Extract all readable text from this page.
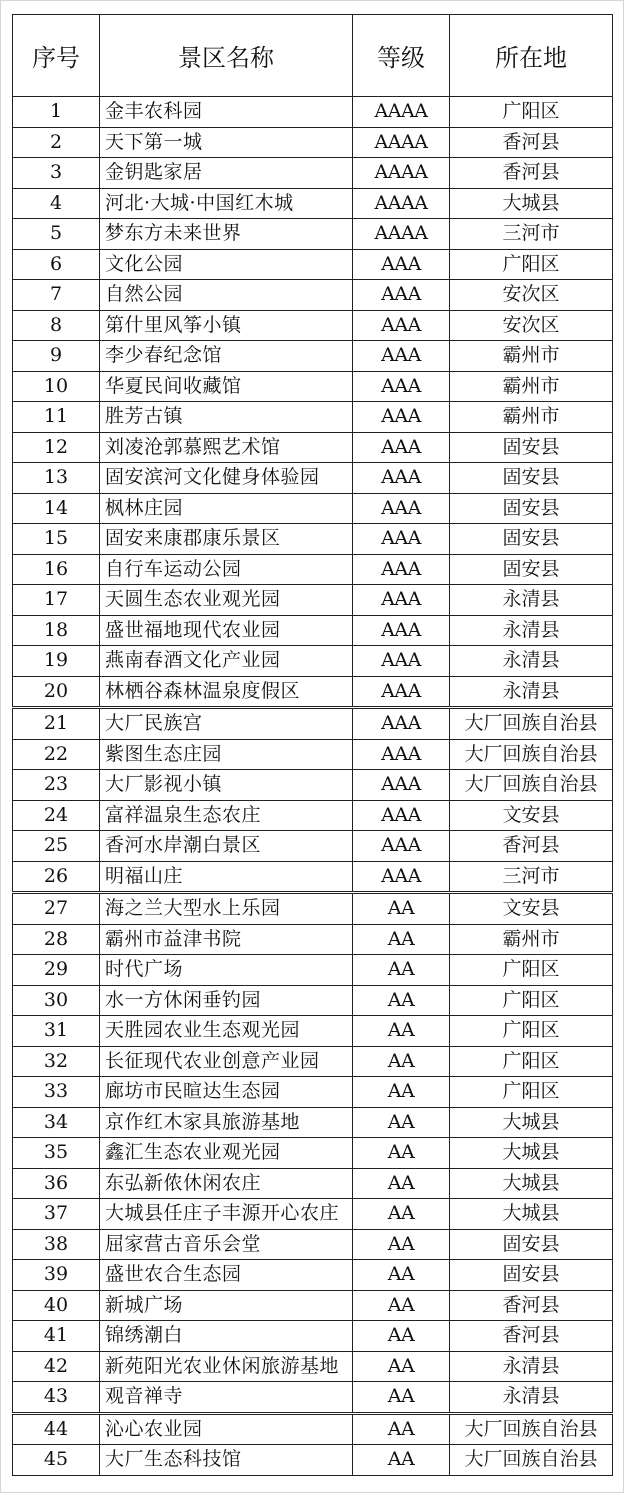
序号	景区名称	等级	所在地
1	金丰农科园	AAAA	广阳区
2	天下第一城	AAAA	香河县
3	金钥匙家居	AAAA	香河县
4	河北·大城·中国红木城	AAAA	大城县
5	梦东方未来世界	AAAA	三河市
6	文化公园	AAA	广阳区
7	自然公园	AAA	安次区
8	第什里风筝小镇	AAA	安次区
9	李少春纪念馆	AAA	霸州市
10	华夏民间收藏馆	AAA	霸州市
11	胜芳古镇	AAA	霸州市
12	刘凌沧郭慕熙艺术馆	AAA	固安县
13	固安滨河文化健身体验园	AAA	固安县
14	枫林庄园	AAA	固安县
15	固安来康郡康乐景区	AAA	固安县
16	自行车运动公园	AAA	固安县
17	天圆生态农业观光园	AAA	永清县
18	盛世福地现代农业园	AAA	永清县
19	燕南春酒文化产业园	AAA	永清县
20	林栖谷森林温泉度假区	AAA	永清县
21	大厂民族宫	AAA	大厂回族自治县
22	紫图生态庄园	AAA	大厂回族自治县
23	大厂影视小镇	AAA	大厂回族自治县
24	富祥温泉生态农庄	AAA	文安县
25	香河水岸潮白景区	AAA	香河县
26	明福山庄	AAA	三河市
27	海之兰大型水上乐园	AA	文安县
28	霸州市益津书院	AA	霸州市
29	时代广场	AA	广阳区
30	水一方休闲垂钓园	AA	广阳区
31	天胜园农业生态观光园	AA	广阳区
32	长征现代农业创意产业园	AA	广阳区
33	廊坊市民暄达生态园	AA	广阳区
34	京作红木家具旅游基地	AA	大城县
35	鑫汇生态农业观光园	AA	大城县
36	东弘新侬休闲农庄	AA	大城县
37	大城县任庄子丰源开心农庄	AA	大城县
38	屈家营古音乐会堂	AA	固安县
39	盛世农合生态园	AA	固安县
40	新城广场	AA	香河县
41	锦绣潮白	AA	香河县
42	新苑阳光农业休闲旅游基地	AA	永清县
43	观音禅寺	AA	永清县
44	沁心农业园	AA	大厂回族自治县
45	大厂生态科技馆	AA	大厂回族自治县
